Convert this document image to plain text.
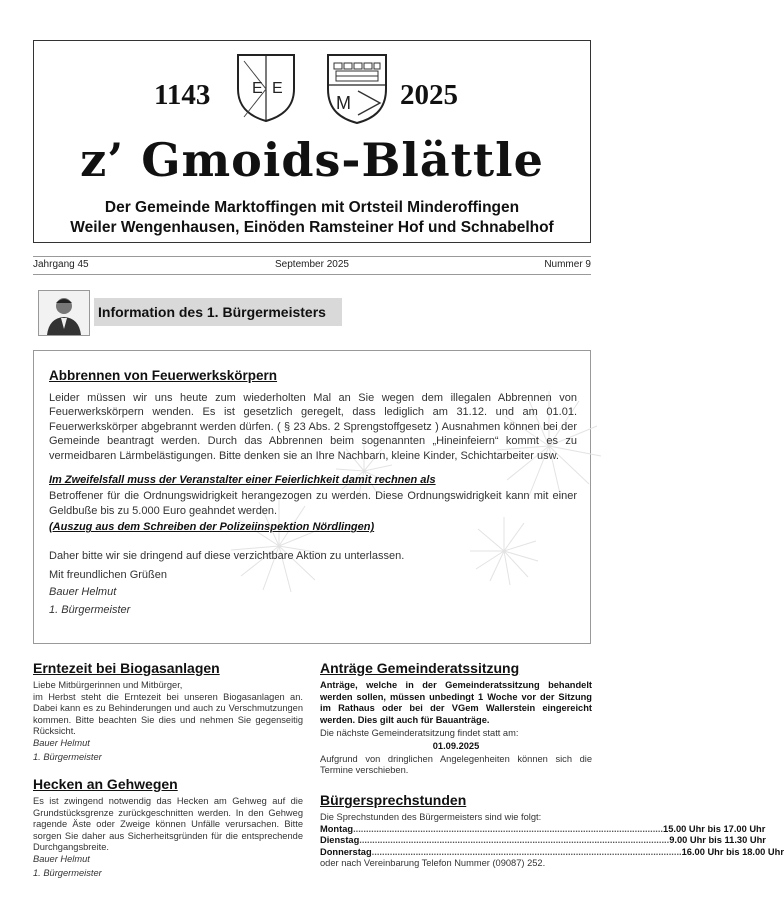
1143	E E
M 2025
z’ Gmoids-Blättle
Der Gemeinde Marktoffingen mit Ortsteil Minderoffingen
Weiler Wengenhausen, Einöden Ramsteiner Hof und Schnabelhof
September 2025
Jahrgang 45	Nummer 9
Information des 1. Bürgermeisters
Abbrennen von Feuerwerkskörpern

Leider müssen wir uns heute zum wiederholten Mal an Sie wegen dem illegalen Abbrennen von Feuerwerkskörpern wenden. Es ist gesetzlich geregelt, dass lediglich am 31.12. und am 01.01. Feuerwerkskörper abgebrannt werden dürfen. ( § 23 Abs. 2 Sprengstoffgesetz ) Ausnahmen können bei der Gemeinde beantragt werden. Durch das Abbrennen beim sogenannten „Hineinfeiern“ kommt es zu vermeidbaren Lärmbelästigungen. Bitte denken sie an Ihre Nachbarn, kleine Kinder, Schichtarbeiter usw.

Im Zweifelsfall muss der Veranstalter einer Feierlichkeit damit rechnen als

Betroffener für die Ordnungswidrigkeit herangezogen zu werden. Diese Ordnungswidrigkeit kann mit einer Geldbuße bis zu 5.000 Euro geahndet werden.

(Auszug aus dem Schreiben der Polizeiinspektion Nördlingen)

Daher bitte wir sie dringend auf diese verzichtbare Aktion zu unterlassen.

Mit freundlichen Grüßen

Bauer Helmut

1. Bürgermeister

Erntezeit bei Biogasanlagen

Liebe Mitbürgerinnen und Mitbürger,

im Herbst steht die Erntezeit bei unseren Biogasanlagen an. Dabei kann es zu Behinderungen und auch zu Verschmutzungen kommen. Bitte beachten Sie dies und nehmen Sie gegenseitig Rücksicht.

Bauer Helmut

1. Bürgermeister

Hecken an Gehwegen

Es ist zwingend notwendig das Hecken am Gehweg auf die Grundstücksgrenze zurückgeschnitten werden. In den Gehweg ragende Äste oder Zweige können Unfälle verursachen. Bitte sorgen Sie daher aus Sicherheitsgründen für die entsprechende Durchgangsbreite.

Bauer Helmut

1. Bürgermeister

Anträge Gemeinderatssitzung

Anträge, welche in der Gemeinderatssitzung behandelt werden sollen, müssen unbedingt 1 Woche vor der Sitzung im Rathaus oder bei der VGem Wallerstein eingereicht werden. Dies gilt auch für Bauanträge.

Die nächste Gemeinderatsitzung findet statt am:

01.09.2025

Aufgrund von dringlichen Angelegenheiten können sich die Termine verschieben.

Bürgersprechstunden

Die Sprechstunden des Bürgermeisters sind wie folgt:

Montag ........................................................................................................................ 15.00 Uhr bis 17.00 Uhr
Dienstag ........................................................................................................................ 9.00 Uhr bis 11.30 Uhr
Donnerstag ........................................................................................................................ 16.00 Uhr bis 18.00 Uhr

oder nach Vereinbarung Telefon Nummer (09087) 252.
